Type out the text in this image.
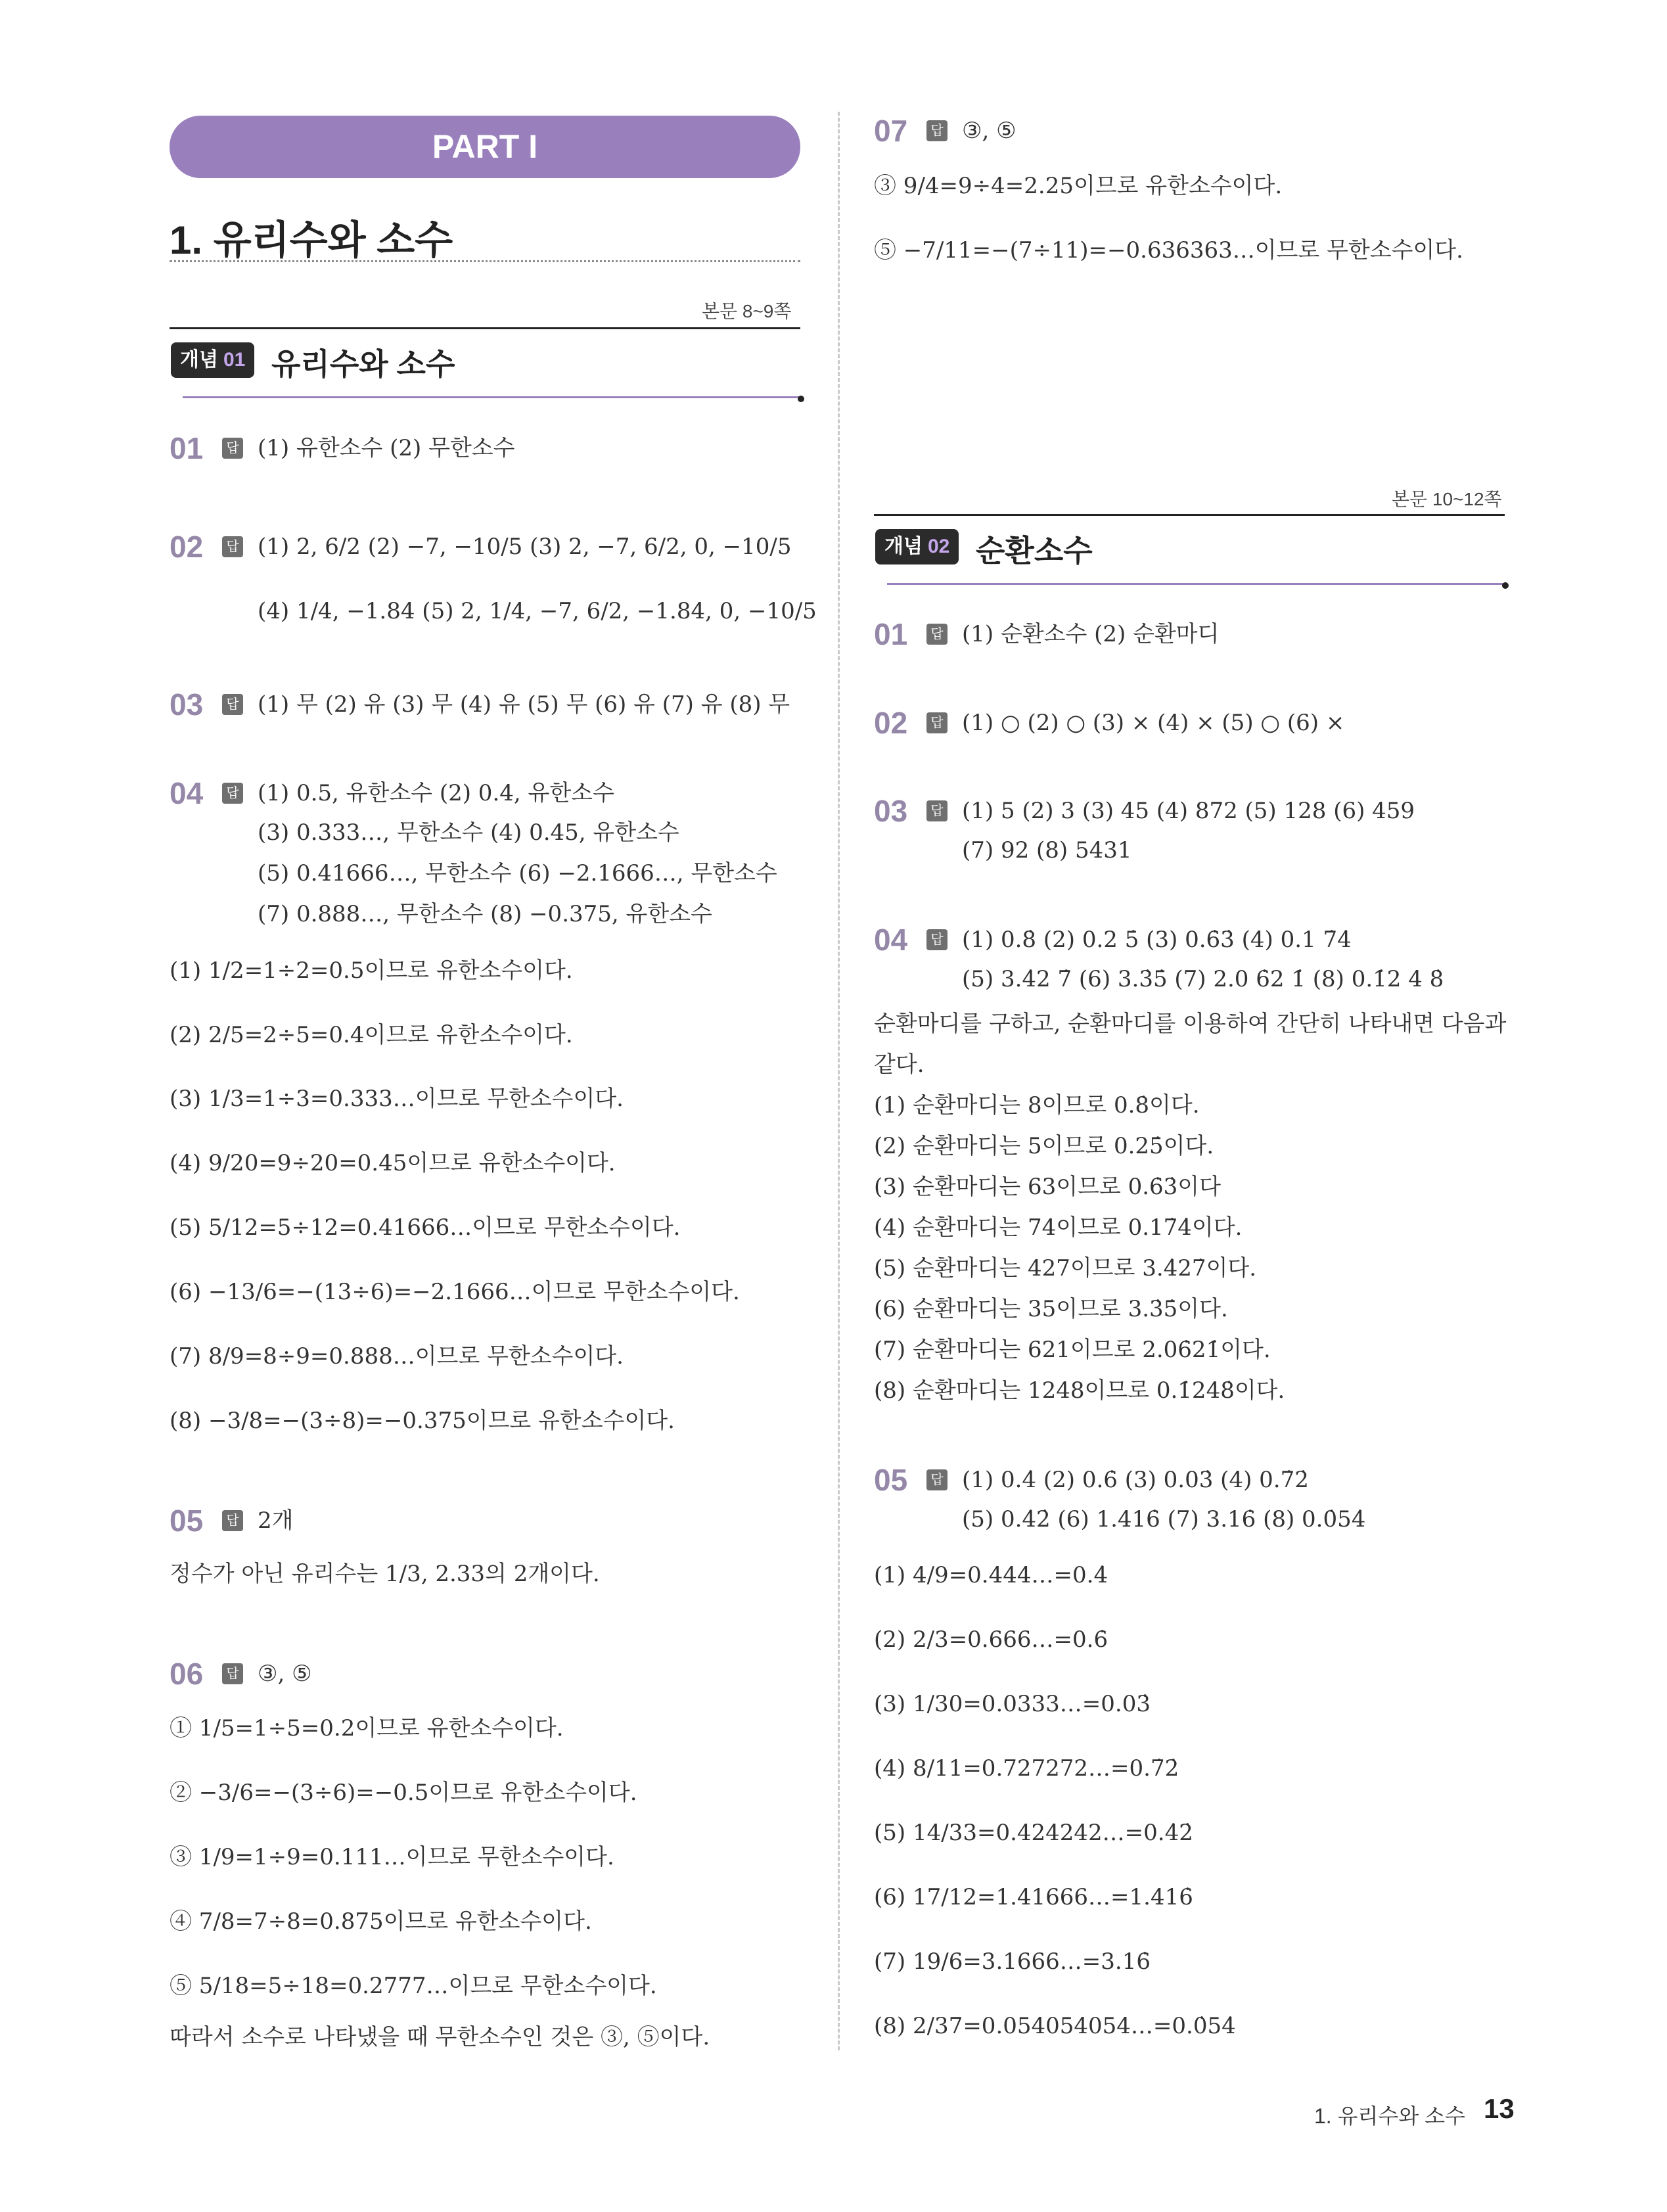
PART I
1. 유리수와 소수
본문 8~9쪽
개념 01 유리수와 소수
01 답 (1) 유한소수 (2) 무한소수
02 답 (1) 2, 6/2 (2) −7, −10/5 (3) 2, −7, 6/2, 0, −10/5
(4) 1/4, −1.84 (5) 2, 1/4, −7, 6/2, −1.84, 0, −10/5
03 답 (1) 무 (2) 유 (3) 무 (4) 유 (5) 무 (6) 유 (7) 유 (8) 무
04 답 (1) 0.5, 유한소수 (2) 0.4, 유한소수
(3) 0.333…, 무한소수 (4) 0.45, 유한소수
(5) 0.41666…, 무한소수 (6) −2.1666…, 무한소수
(7) 0.888…, 무한소수 (8) −0.375, 유한소수
(1) 1/2=1÷2=0.5이므로 유한소수이다.
(2) 2/5=2÷5=0.4이므로 유한소수이다.
(3) 1/3=1÷3=0.333…이므로 무한소수이다.
(4) 9/20=9÷20=0.45이므로 유한소수이다.
(5) 5/12=5÷12=0.41666…이므로 무한소수이다.
(6) −13/6=−(13÷6)=−2.1666…이므로 무한소수이다.
(7) 8/9=8÷9=0.888…이므로 무한소수이다.
(8) −3/8=−(3÷8)=−0.375이므로 유한소수이다.
05 답 2개
정수가 아닌 유리수는 1/3, 2.33의 2개이다.
06 답 ③, ⑤
① 1/5=1÷5=0.2이므로 유한소수이다.
② −3/6=−(3÷6)=−0.5이므로 유한소수이다.
③ 1/9=1÷9=0.111…이므로 무한소수이다.
④ 7/8=7÷8=0.875이므로 유한소수이다.
⑤ 5/18=5÷18=0.2777…이므로 무한소수이다.
따라서 소수로 나타냈을 때 무한소수인 것은 ③, ⑤이다.
07 답 ③, ⑤
③ 9/4=9÷4=2.25이므로 유한소수이다.
⑤ −7/11=−(7÷11)=−0.636363…이므로 무한소수이다.
본문 10~12쪽
개념 02 순환소수
01 답 (1) 순환소수 (2) 순환마디
02 답 (1) ○ (2) ○ (3) × (4) × (5) ○ (6) ×
03 답 (1) 5 (2) 3 (3) 45 (4) 872 (5) 128 (6) 459
(7) 92 (8) 5431
04 답 (1) 0.8̇ (2) 0.2 5̇ (3) 0.6̇3̇ (4) 0.1 7̇4̇
(5) 3.4̇2 7̇ (6) 3.3̇5̇ (7) 2.0 6̇2 1̇ (8) 0.1̇2 4 8̇
순환마디를 구하고, 순환마디를 이용하여 간단히 나타내면 다음과
같다.
(1) 순환마디는 8이므로 0.8̇이다.
(2) 순환마디는 5이므로 0.25̇이다.
(3) 순환마디는 63이므로 0.6̇3̇이다
(4) 순환마디는 74이므로 0.17̇4̇이다.
(5) 순환마디는 427이므로 3.4̇27̇이다.
(6) 순환마디는 35이므로 3.3̇5̇이다.
(7) 순환마디는 621이므로 2.06̇21̇이다.
(8) 순환마디는 1248이므로 0.1̇248̇이다.
05 답 (1) 0.4̇ (2) 0.6̇ (3) 0.03̇ (4) 0.7̇2̇
(5) 0.4̇2̇ (6) 1.416̇ (7) 3.16̇ (8) 0.0̇54̇
(1) 4/9=0.444…=0.4̇
(2) 2/3=0.666…=0.6̇
(3) 1/30=0.0333…=0.03̇
(4) 8/11=0.727272…=0.7̇2̇
(5) 14/33=0.424242…=0.4̇2̇
(6) 17/12=1.41666…=1.416̇
(7) 19/6=3.1666…=3.16̇
(8) 2/37=0.054054054…=0.0̇54̇
1. 유리수와 소수 13
